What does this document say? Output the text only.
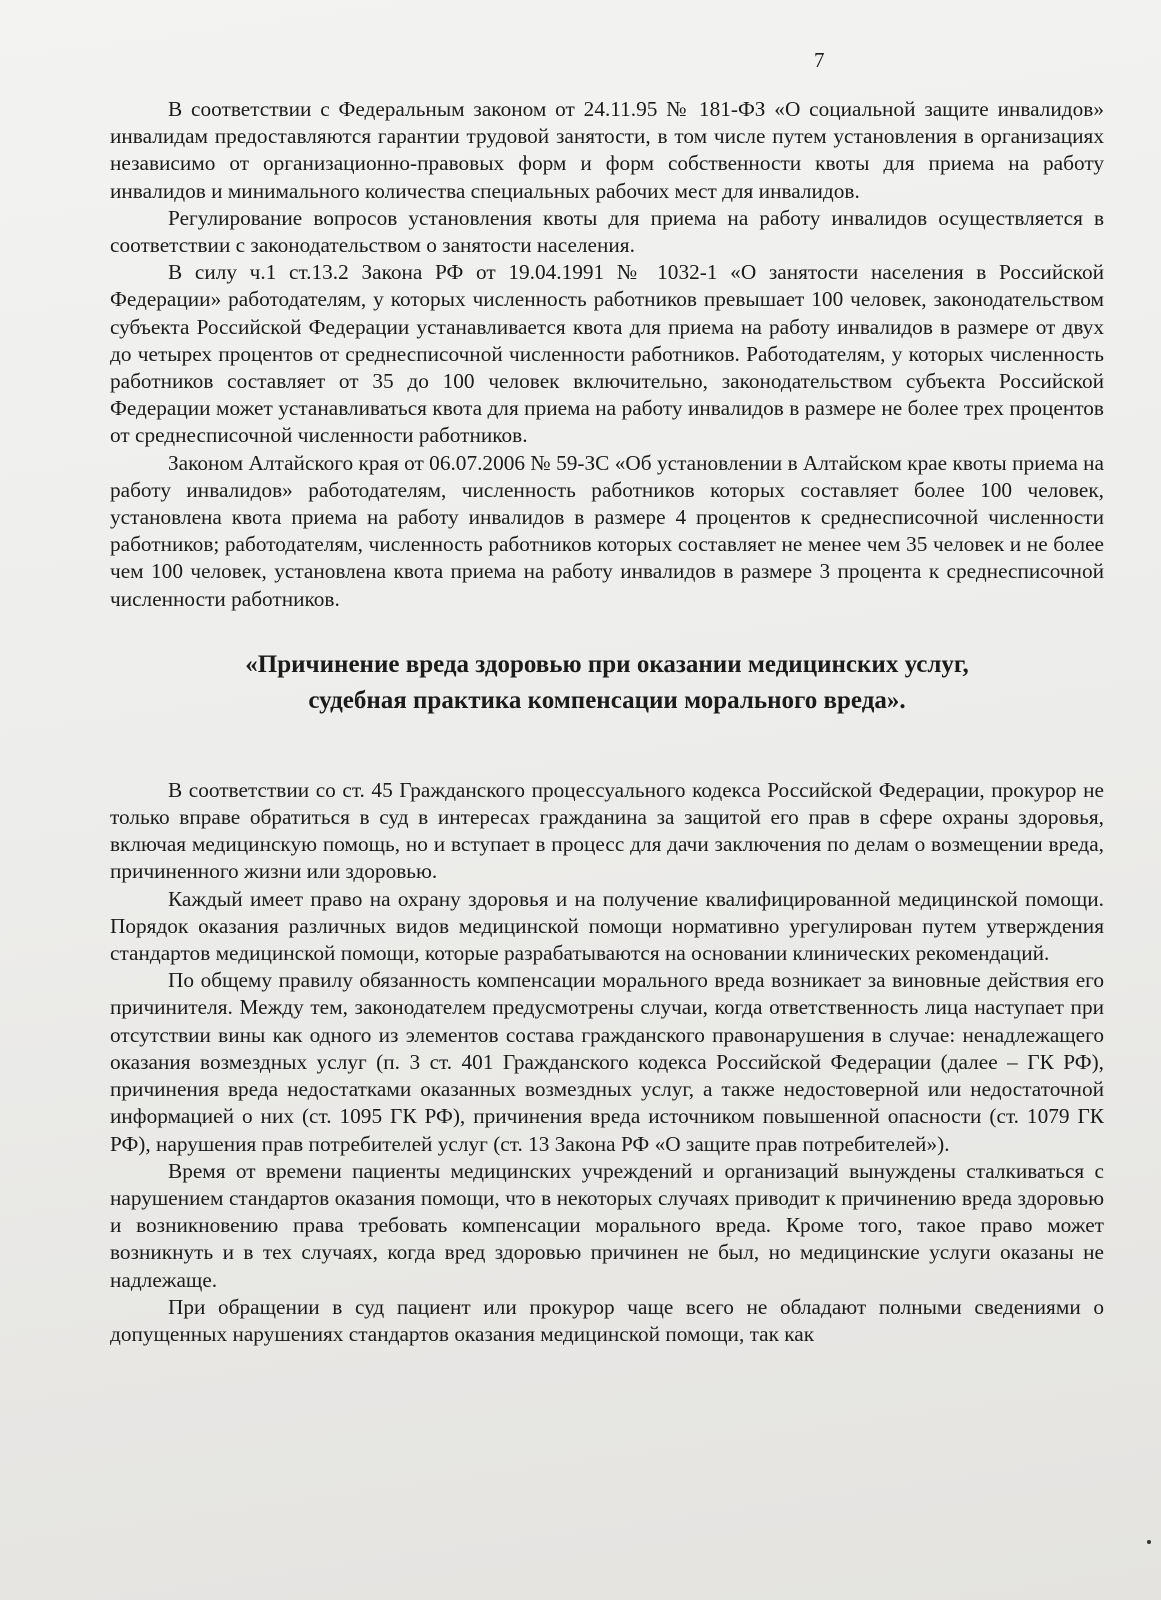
7

В соответствии с Федеральным законом от 24.11.95 № 181-ФЗ «О социальной защите инвалидов» инвалидам предоставляются гарантии трудовой занятости, в том числе путем установления в организациях независимо от организационно-правовых форм и форм собственности квоты для приема на работу инвалидов и минимального количества специальных рабочих мест для инвалидов.

Регулирование вопросов установления квоты для приема на работу инвалидов осуществляется в соответствии с законодательством о занятости населения.

В силу ч.1 ст.13.2 Закона РФ от 19.04.1991 № 1032-1 «О занятости населения в Российской Федерации» работодателям, у которых численность работников превышает 100 человек, законодательством субъекта Российской Федерации устанавливается квота для приема на работу инвалидов в размере от двух до четырех процентов от среднесписочной численности работников. Работодателям, у которых численность работников составляет от 35 до 100 человек включительно, законодательством субъекта Российской Федерации может устанавливаться квота для приема на работу инвалидов в размере не более трех процентов от среднесписочной численности работников.

Законом Алтайского края от 06.07.2006 № 59-ЗС «Об установлении в Алтайском крае квоты приема на работу инвалидов» работодателям, численность работников которых составляет более 100 человек, установлена квота приема на работу инвалидов в размере 4 процентов к среднесписочной численности работников; работодателям, численность работников которых составляет не менее чем 35 человек и не более чем 100 человек, установлена квота приема на работу инвалидов в размере 3 процента к среднесписочной численности работников.

«Причинение вреда здоровью при оказании медицинских услуг,
судебная практика компенсации морального вреда».

В соответствии со ст. 45 Гражданского процессуального кодекса Российской Федерации, прокурор не только вправе обратиться в суд в интересах гражданина за защитой его прав в сфере охраны здоровья, включая медицинскую помощь, но и вступает в процесс для дачи заключения по делам о возмещении вреда, причиненного жизни или здоровью.

Каждый имеет право на охрану здоровья и на получение квалифицированной медицинской помощи. Порядок оказания различных видов медицинской помощи нормативно урегулирован путем утверждения стандартов медицинской помощи, которые разрабатываются на основании клинических рекомендаций.

По общему правилу обязанность компенсации морального вреда возникает за виновные действия его причинителя. Между тем, законодателем предусмотрены случаи, когда ответственность лица наступает при отсутствии вины как одного из элементов состава гражданского правонарушения в случае: ненадлежащего оказания возмездных услуг (п. 3 ст. 401 Гражданского кодекса Российской Федерации (далее – ГК РФ), причинения вреда недостатками оказанных возмездных услуг, а также недостоверной или недостаточной информацией о них (ст. 1095 ГК РФ), причинения вреда источником повышенной опасности (ст. 1079 ГК РФ), нарушения прав потребителей услуг (ст. 13 Закона РФ «О защите прав потребителей»).

Время от времени пациенты медицинских учреждений и организаций вынуждены сталкиваться с нарушением стандартов оказания помощи, что в некоторых случаях приводит к причинению вреда здоровью и возникновению права требовать компенсации морального вреда. Кроме того, такое право может возникнуть и в тех случаях, когда вред здоровью причинен не был, но медицинские услуги оказаны не надлежаще.

При обращении в суд пациент или прокурор чаще всего не обладают полными сведениями о допущенных нарушениях стандартов оказания медицинской помощи, так как
